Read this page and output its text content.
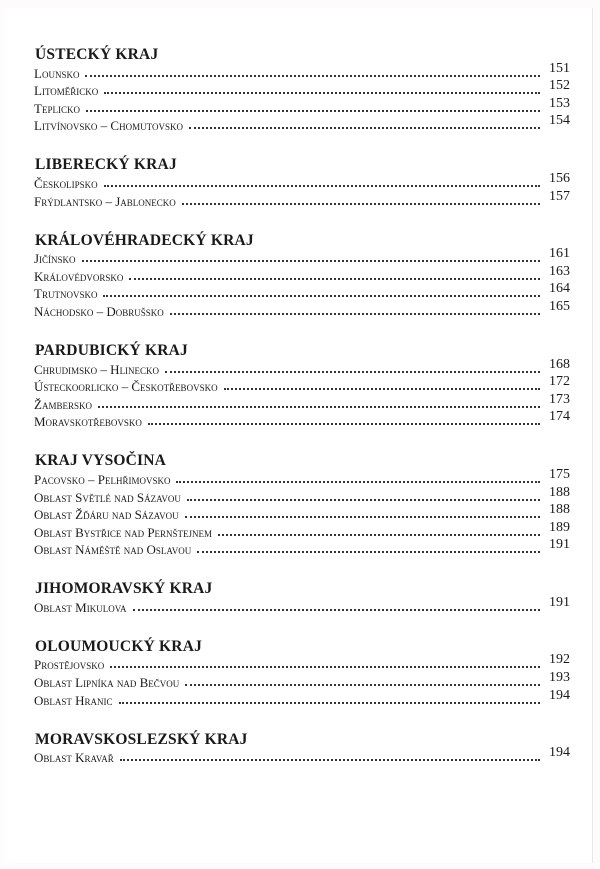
ÚSTECKÝ KRAJ
Lounsko	151
Litoměřicko	152
Teplicko	153
Litvínovsko – Chomutovsko	154
LIBERECKÝ KRAJ
Českolipsko	156
Frýdlantsko – Jablonecko	157
KRÁLOVÉHRADECKÝ KRAJ
Jičínsko	161
Královédvorsko	163
Trutnovsko	164
Náchodsko – Dobrušsko	165
PARDUBICKÝ KRAJ
Chrudimsko – Hlinecko	168
Ústeckoorlicko – Českotřebovsko	172
Žambersko	173
Moravskotřebovsko	174
KRAJ VYSOČINA
Pacovsko – Pelhřimovsko	175
Oblast Světlé nad Sázavou	188
Oblast Žďáru nad Sázavou	188
Oblast Bystřice nad Pernštejnem	189
Oblast Náměště nad Oslavou	191
JIHOMORAVSKÝ KRAJ
Oblast Mikulova	191
OLOUMOUCKÝ KRAJ
Prostějovsko	192
Oblast Lipníka nad Bečvou	193
Oblast Hranic	194
MORAVSKOSLEZSKÝ KRAJ
Oblast Kravař	194
